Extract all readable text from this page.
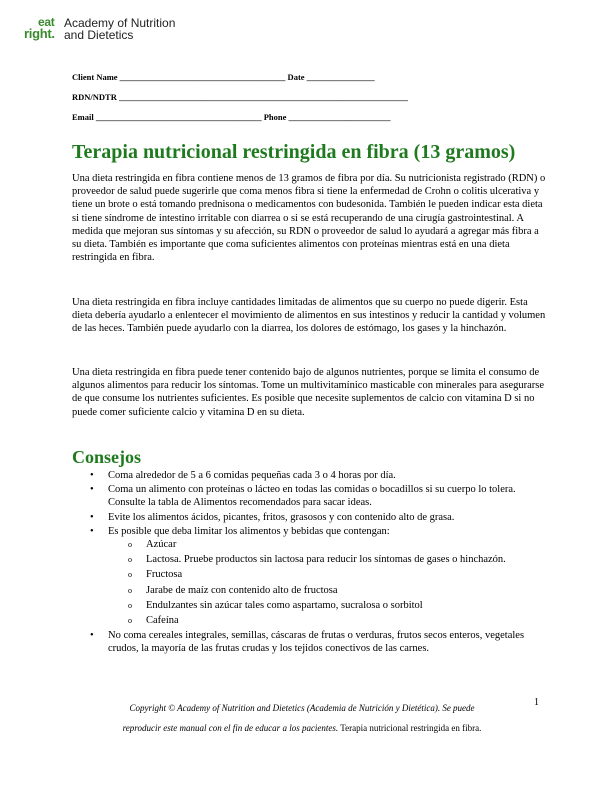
eat
right.
Academy of Nutrition
and Dietetics
Client Name _______________________________________ Date ________________
RDN/NDTR ____________________________________________________________________
Email _______________________________________ Phone ________________________
Terapia nutricional restringida en fibra (13 gramos)

Una dieta restringida en fibra contiene menos de 13 gramos de fibra por día. Su nutricionista registrado (RDN) o proveedor de salud puede sugerirle que coma menos fibra si tiene la enfermedad de Crohn o colitis ulcerativa y tiene un brote o está tomando prednisona o medicamentos con budesonida. También le pueden indicar esta dieta si tiene síndrome de intestino irritable con diarrea o si se está recuperando de una cirugía gastrointestinal. A medida que mejoran sus síntomas y su afección, su RDN o proveedor de salud lo ayudará a agregar más fibra a su dieta. También es importante que coma suficientes alimentos con proteínas mientras está en una dieta restringida en fibra.

Una dieta restringida en fibra incluye cantidades limitadas de alimentos que su cuerpo no puede digerir. Esta dieta debería ayudarlo a enlentecer el movimiento de alimentos en sus intestinos y reducir la cantidad y volumen de las heces. También puede ayudarlo con la diarrea, los dolores de estómago, los gases y la hinchazón.

Una dieta restringida en fibra puede tener contenido bajo de algunos nutrientes, porque se limita el consumo de algunos alimentos para reducir los síntomas. Tome un multivitamínico masticable con minerales para asegurarse de que consume los nutrientes suficientes. Es posible que necesite suplementos de calcio con vitamina D si no puede comer suficiente calcio y vitamina D en su dieta.

Consejos
• Coma alrededor de 5 a 6 comidas pequeñas cada 3 o 4 horas por día.
• Coma un alimento con proteínas o lácteo en todas las comidas o bocadillos si su cuerpo lo tolera. Consulte la tabla de Alimentos recomendados para sacar ideas.
• Evite los alimentos ácidos, picantes, fritos, grasosos y con contenido alto de grasa.
• Es posible que deba limitar los alimentos y bebidas que contengan:
o Azúcar
o Lactosa. Pruebe productos sin lactosa para reducir los síntomas de gases o hinchazón.
o Fructosa
o Jarabe de maíz con contenido alto de fructosa
o Endulzantes sin azúcar tales como aspartamo, sucralosa o sorbitol
o Cafeína
• No coma cereales integrales, semillas, cáscaras de frutas o verduras, frutos secos enteros, vegetales crudos, la mayoría de las frutas crudas y los tejidos conectivos de las carnes.
Copyright © Academy of Nutrition and Dietetics (Academia de Nutrición y Dietética). Se puede
reproducir este manual con el fin de educar a los pacientes. Terapia nutricional restringida en fibra.
1
